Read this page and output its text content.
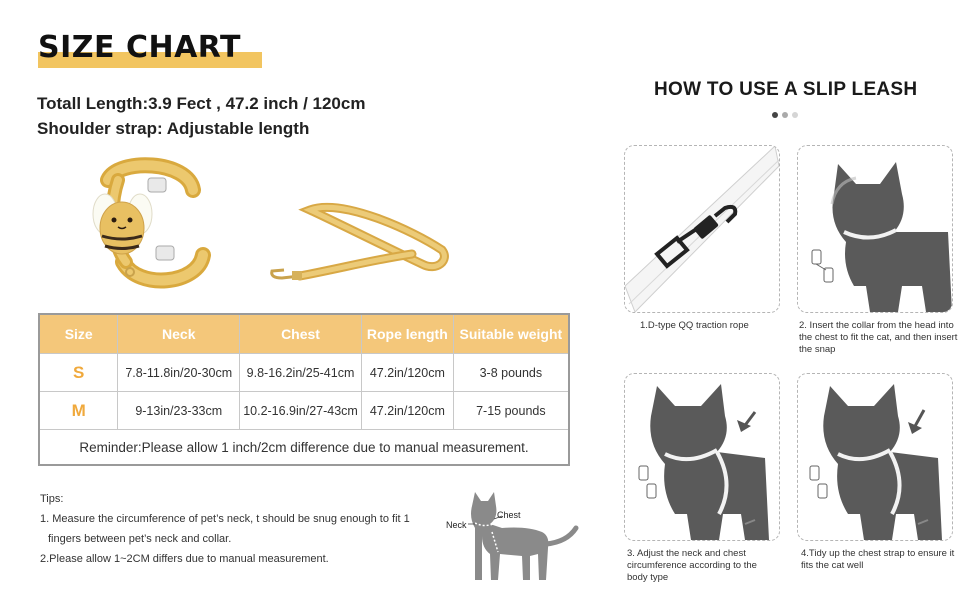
SIZE CHART
Totall Length:3.9 Fect , 47.2 inch / 120cm
Shoulder strap: Adjustable length
Size	Neck	Chest	Rope length	Suitable weight
S	7.8-11.8in/20-30cm	9.8-16.2in/25-41cm	47.2in/120cm	3-8 pounds
M	9-13in/23-33cm	10.2-16.9in/27-43cm	47.2in/120cm	7-15 pounds
Reminder:Please allow 1 inch/2cm difference due to manual measurement.				
Tips:
1. Measure the circumference of pet’s neck, t should be snug enough to fit 1
fingers between pet’s neck and collar.
2.Please allow 1~2CM differs due to manual measurement.
Neck
Chest
HOW TO USE A SLIP LEASH
1.D-type QQ traction rope	2. Insert the collar from the head into the chest to fit the cat, and then insert the snap
3. Adjust the neck and chest circumference according to the body type
4.Tidy up the chest strap to ensure it fits the cat well
